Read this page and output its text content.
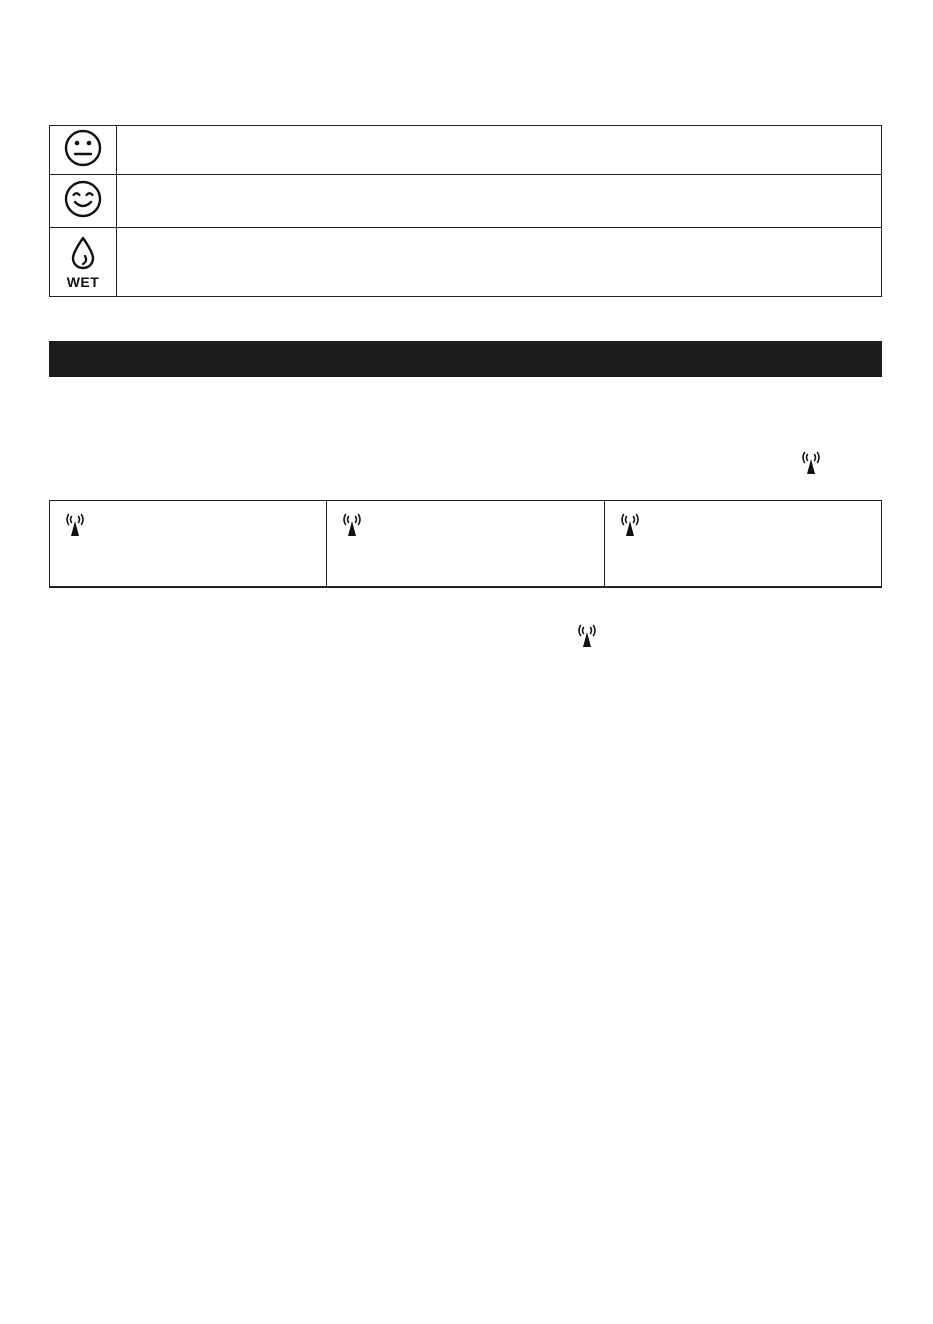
WET
